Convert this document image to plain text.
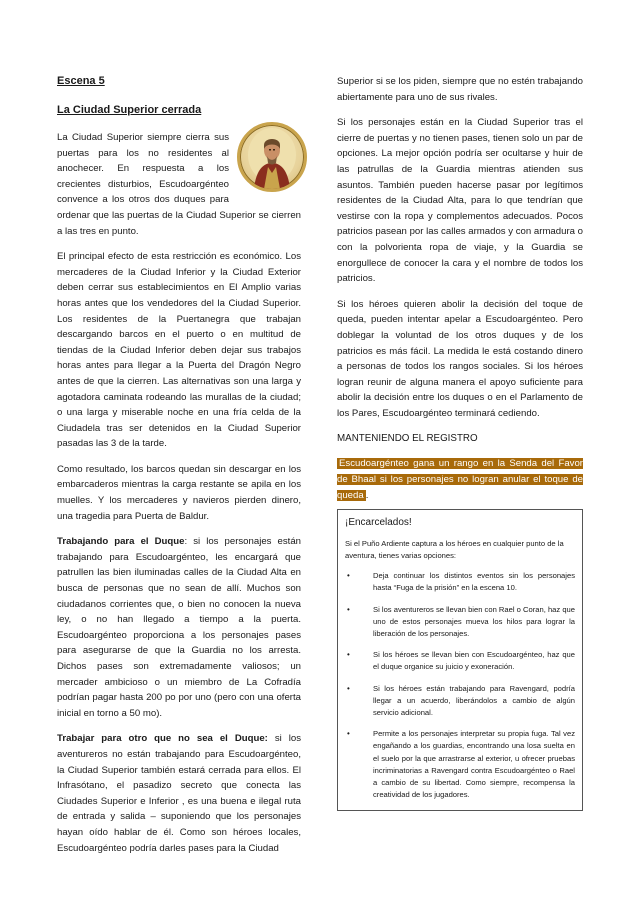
Escena 5
La Ciudad Superior cerrada

La Ciudad Superior siempre cierra sus puertas para los no residentes al anochecer. En respuesta a los crecientes disturbios, Escudoargénteo convence a los otros dos duques para ordenar que las puertas de la Ciudad Superior se cierren a las tres en punto.

El principal efecto de esta restricción es económico. Los mercaderes de la Ciudad Inferior y la Ciudad Exterior deben cerrar sus establecimientos en El Amplio varias horas antes que los vendedores del la Ciudad Superior. Los residentes de la Puertanegra que trabajan descargando barcos en el puerto o en multitud de tiendas de la Ciudad Inferior deben dejar sus trabajos horas antes para llegar a la Puerta del Dragón Negro antes de que la cierren. Las alternativas son una larga y agotadora caminata rodeando las murallas de la ciudad; o una larga y miserable noche en una fría celda de la Ciudadela tras ser detenidos en la Ciudad Superior pasadas las 3 de la tarde.

Como resultado, los barcos quedan sin descargar en los embarcaderos mientras la carga restante se apila en los muelles. Y los mercaderes y navieros pierden dinero, una tragedia para Puerta de Baldur.

Trabajando para el Duque: si los personajes están trabajando para Escudoargénteo, les encargará que patrullen las bien iluminadas calles de la Ciudad Alta en busca de personas que no sean de allí. Muchos son ciudadanos corrientes que, o bien no conocen la nueva ley, o no han llegado a tiempo a la puerta. Escudoargénteo proporciona a los personajes pases para asegurarse de que la Guardia no los arresta. Dichos pases son extremadamente valiosos; un mercader ambicioso o un miembro de La Cofradía podrían pagar hasta 200 po por uno (pero con una oferta inicial en torno a 50 mo).

Trabajar para otro que no sea el Duque: si los aventureros no están trabajando para Escudoargénteo, la Ciudad Superior también estará cerrada para ellos. El Infrasótano, el pasadizo secreto que conecta las Ciudades Superior e Inferior , es una buena e ilegal ruta de entrada y salida – suponiendo que los personajes hayan oído hablar de él. Como son héroes locales, Escudoargénteo podría darles pases para la Ciudad

Superior si se los piden, siempre que no estén trabajando abiertamente para uno de sus rivales.

Si los personajes están en la Ciudad Superior tras el cierre de puertas y no tienen pases, tienen solo un par de opciones. La mejor opción podría ser ocultarse y huir de las patrullas de la Guardia mientras atienden sus asuntos. También pueden hacerse pasar por legítimos residentes de la Ciudad Alta, para lo que tendrían que vestirse con la ropa y complementos adecuados. Pocos patricios pasean por las calles armados y con armadura o con la polvorienta ropa de viaje, y la Guardia se enorgullece de conocer la cara y el nombre de todos los patricios.

Si los héroes quieren abolir la decisión del toque de queda, pueden intentar apelar a Escudoargénteo. Pero doblegar la voluntad de los otros duques y de los patricios es más fácil. La medida le está costando dinero a personas de todos los rangos sociales. Si los héroes logran reunir de alguna manera el apoyo suficiente para abolir la decisión entre los duques o en el Parlamento de los Pares, Escudoargénteo terminará cediendo.

MANTENIENDO EL REGISTRO
Escudoargénteo gana un rango en la Senda del Favor de Bhaal si los personajes no logran anular el toque de queda .
¡Encarcelados!
Si el Puño Ardiente captura a los héroes en cualquier punto de la aventura, tienes varias opciones:
•	Deja continuar los distintos eventos sin los personajes hasta “Fuga de la prisión” en la escena 10.
•	Si los aventureros se llevan bien con Rael o Coran, haz que uno de estos personajes mueva los hilos para lograr la liberación de los personajes.
•	Si los héroes se llevan bien con Escudoargénteo, haz que el duque organice su juicio y exoneración.
•	Si los héroes están trabajando para Ravengard, podría llegar a un acuerdo, liberándolos a cambio de algún servicio adicional.
•	Permite a los personajes interpretar su propia fuga. Tal vez engañando a los guardias, encontrando una losa suelta en el suelo por la que arrastrarse al exterior, u ofrecer pruebas incriminatorias a Ravengard contra Escudoargénteo o Rael a cambio de su libertad. Como siempre, recompensa la creatividad de los jugadores.
